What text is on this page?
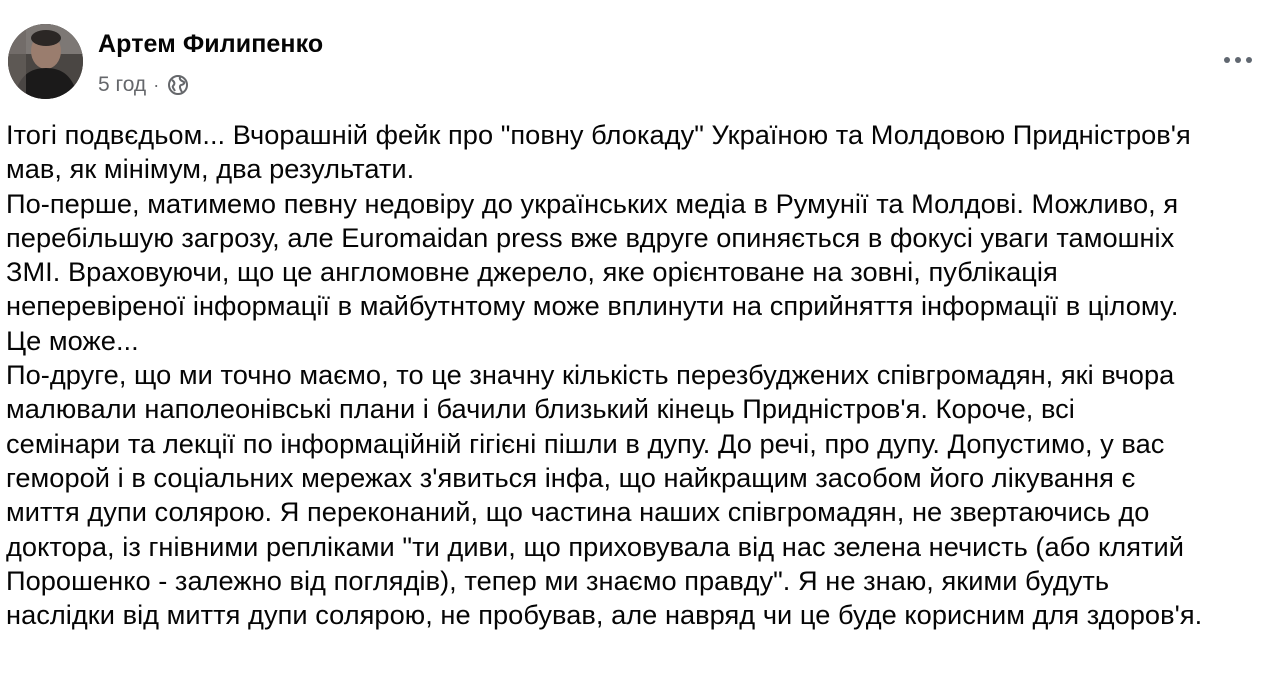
Артем Филипенко
5 год ·

Ітогі подвєдьом... Вчорашній фейк про "повну блокаду" Україною та Молдовою Придністров'я

мав, як мінімум, два результати.

По-перше, матимемо певну недовіру до українських медіа в Румунії та Молдові. Можливо, я

перебільшую загрозу, але Euromaidan press вже вдруге опиняється в фокусі уваги тамошніх

ЗМІ. Враховуючи, що це англомовне джерело, яке орієнтоване на зовні, публікація

неперевіреної інформації в майбутнтому може вплинути на сприйняття інформації в цілому.

Це може...

По-друге, що ми точно маємо, то це значну кількість перезбуджених співгромадян, які вчора

малювали наполеонівські плани і бачили близький кінець Придністров'я. Короче, всі

семінари та лекції по інформаційній гігієні пішли в дупу. До речі, про дупу. Допустимо, у вас

геморой і в соціальних мережах з'явиться інфа, що найкращим засобом його лікування є

миття дупи солярою. Я переконаний, що частина наших співгромадян, не звертаючись до

доктора, із гнівними репліками "ти диви, що приховувала від нас зелена нечисть (або клятий

Порошенко - залежно від поглядів), тепер ми знаємо правду". Я не знаю, якими будуть

наслідки від миття дупи солярою, не пробував, але навряд чи це буде корисним для здоров'я.
